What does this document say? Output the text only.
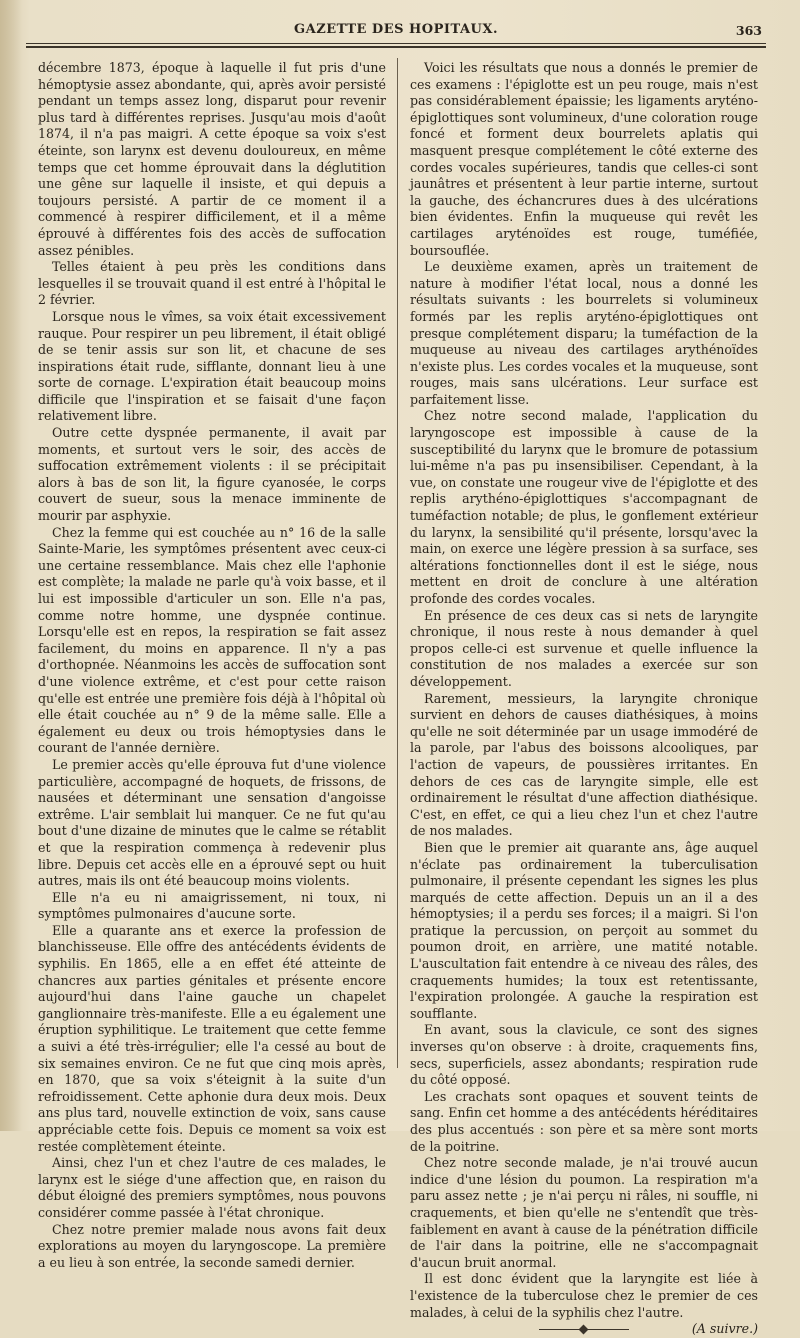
GAZETTE DES HOPITAUX.	363

décembre 1873, époque à laquelle il fut pris d'une hémoptysie assez abondante, qui, après avoir persisté pendant un temps assez long, disparut pour revenir plus tard à différentes reprises. Jusqu'au mois d'août 1874, il n'a pas maigri. A cette époque sa voix s'est éteinte, son larynx est devenu douloureux, en même temps que cet homme éprouvait dans la déglutition une gêne sur laquelle il insiste, et qui depuis a toujours persisté. A partir de ce moment il a commencé à respirer difficilement, et il a même éprouvé à différentes fois des accès de suffocation assez pénibles.

Telles étaient à peu près les conditions dans lesquelles il se trouvait quand il est entré à l'hôpital le 2 février.

Lorsque nous le vîmes, sa voix était excessivement rauque. Pour respirer un peu librement, il était obligé de se tenir assis sur son lit, et chacune de ses inspirations était rude, sifflante, donnant lieu à une sorte de cornage. L'expiration était beaucoup moins difficile que l'inspiration et se faisait d'une façon relativement libre.

Outre cette dyspnée permanente, il avait par moments, et surtout vers le soir, des accès de suffocation extrêmement violents : il se précipitait alors à bas de son lit, la figure cyanosée, le corps couvert de sueur, sous la menace imminente de mourir par asphyxie.

Chez la femme qui est couchée au n° 16 de la salle Sainte-Marie, les symptômes présentent avec ceux-ci une certaine ressemblance. Mais chez elle l'aphonie est complète; la malade ne parle qu'à voix basse, et il lui est impossible d'articuler un son. Elle n'a pas, comme notre homme, une dyspnée continue. Lorsqu'elle est en repos, la respiration se fait assez facilement, du moins en apparence. Il n'y a pas d'orthopnée. Néanmoins les accès de suffocation sont d'une violence extrême, et c'est pour cette raison qu'elle est entrée une première fois déjà à l'hôpital où elle était couchée au n° 9 de la même salle. Elle a également eu deux ou trois hémoptysies dans le courant de l'année dernière.

Le premier accès qu'elle éprouva fut d'une violence particulière, accompagné de hoquets, de frissons, de nausées et déterminant une sensation d'angoisse extrême. L'air semblait lui manquer. Ce ne fut qu'au bout d'une dizaine de minutes que le calme se rétablit et que la respiration commença à redevenir plus libre. Depuis cet accès elle en a éprouvé sept ou huit autres, mais ils ont été beaucoup moins violents.

Elle n'a eu ni amaigrissement, ni toux, ni symptômes pulmonaires d'aucune sorte.

Elle a quarante ans et exerce la profession de blanchisseuse. Elle offre des antécédents évidents de syphilis. En 1865, elle a en effet été atteinte de chancres aux parties génitales et présente encore aujourd'hui dans l'aine gauche un chapelet ganglionnaire très-manifeste. Elle a eu également une éruption syphilitique. Le traitement que cette femme a suivi a été très-irrégulier; elle l'a cessé au bout de six semaines environ. Ce ne fut que cinq mois après, en 1870, que sa voix s'éteignit à la suite d'un refroidissement. Cette aphonie dura deux mois. Deux ans plus tard, nouvelle extinction de voix, sans cause appréciable cette fois. Depuis ce moment sa voix est restée complètement éteinte.

Ainsi, chez l'un et chez l'autre de ces malades, le larynx est le siége d'une affection que, en raison du début éloigné des premiers symptômes, nous pouvons considérer comme passée à l'état chronique.

Chez notre premier malade nous avons fait deux explorations au moyen du laryngoscope. La première a eu lieu à son entrée, la seconde samedi dernier.

Voici les résultats que nous a donnés le premier de ces examens : l'épiglotte est un peu rouge, mais n'est pas considérablement épaissie; les ligaments aryténo-épiglottiques sont volumineux, d'une coloration rouge foncé et forment deux bourrelets aplatis qui masquent presque complétement le côté externe des cordes vocales supérieures, tandis que celles-ci sont jaunâtres et présentent à leur partie interne, surtout la gauche, des échancrures dues à des ulcérations bien évidentes. Enfin la muqueuse qui revêt les cartilages aryténoïdes est rouge, tuméfiée, boursouflée.

Le deuxième examen, après un traitement de nature à modifier l'état local, nous a donné les résultats suivants : les bourrelets si volumineux formés par les replis aryténo-épiglottiques ont presque complétement disparu; la tuméfaction de la muqueuse au niveau des cartilages arythénoïdes n'existe plus. Les cordes vocales et la muqueuse, sont rouges, mais sans ulcérations. Leur surface est parfaitement lisse.

Chez notre second malade, l'application du laryngoscope est impossible à cause de la susceptibilité du larynx que le bromure de potassium lui-même n'a pas pu insensibiliser. Cependant, à la vue, on constate une rougeur vive de l'épiglotte et des replis arythéno-épiglottiques s'accompagnant de tuméfaction notable; de plus, le gonflement extérieur du larynx, la sensibilité qu'il présente, lorsqu'avec la main, on exerce une légère pression à sa surface, ses altérations fonctionnelles dont il est le siége, nous mettent en droit de conclure à une altération profonde des cordes vocales.

En présence de ces deux cas si nets de laryngite chronique, il nous reste à nous demander à quel propos celle-ci est survenue et quelle influence la constitution de nos malades a exercée sur son développement.

Rarement, messieurs, la laryngite chronique survient en dehors de causes diathésiques, à moins qu'elle ne soit déterminée par un usage immodéré de la parole, par l'abus des boissons alcooliques, par l'action de vapeurs, de poussières irritantes. En dehors de ces cas de laryngite simple, elle est ordinairement le résultat d'une affection diathésique. C'est, en effet, ce qui a lieu chez l'un et chez l'autre de nos malades.

Bien que le premier ait quarante ans, âge auquel n'éclate pas ordinairement la tuberculisation pulmonaire, il présente cependant les signes les plus marqués de cette affection. Depuis un an il a des hémoptysies; il a perdu ses forces; il a maigri. Si l'on pratique la percussion, on perçoit au sommet du poumon droit, en arrière, une matité notable. L'auscultation fait entendre à ce niveau des râles, des craquements humides; la toux est retentissante, l'expiration prolongée. A gauche la respiration est soufflante.

En avant, sous la clavicule, ce sont des signes inverses qu'on observe : à droite, craquements fins, secs, superficiels, assez abondants; respiration rude du côté opposé.

Les crachats sont opaques et souvent teints de sang. Enfin cet homme a des antécédents héréditaires des plus accentués : son père et sa mère sont morts de la poitrine.

Chez notre seconde malade, je n'ai trouvé aucun indice d'une lésion du poumon. La respiration m'a paru assez nette ; je n'ai perçu ni râles, ni souffle, ni craquements, et bien qu'elle ne s'entendît que très-faiblement en avant à cause de la pénétration difficile de l'air dans la poitrine, elle ne s'accompagnait d'aucun bruit anormal.

Il est donc évident que la laryngite est liée à l'existence de la tuberculose chez le premier de ces malades, à celui de la syphilis chez l'autre.
(A suivre.)
